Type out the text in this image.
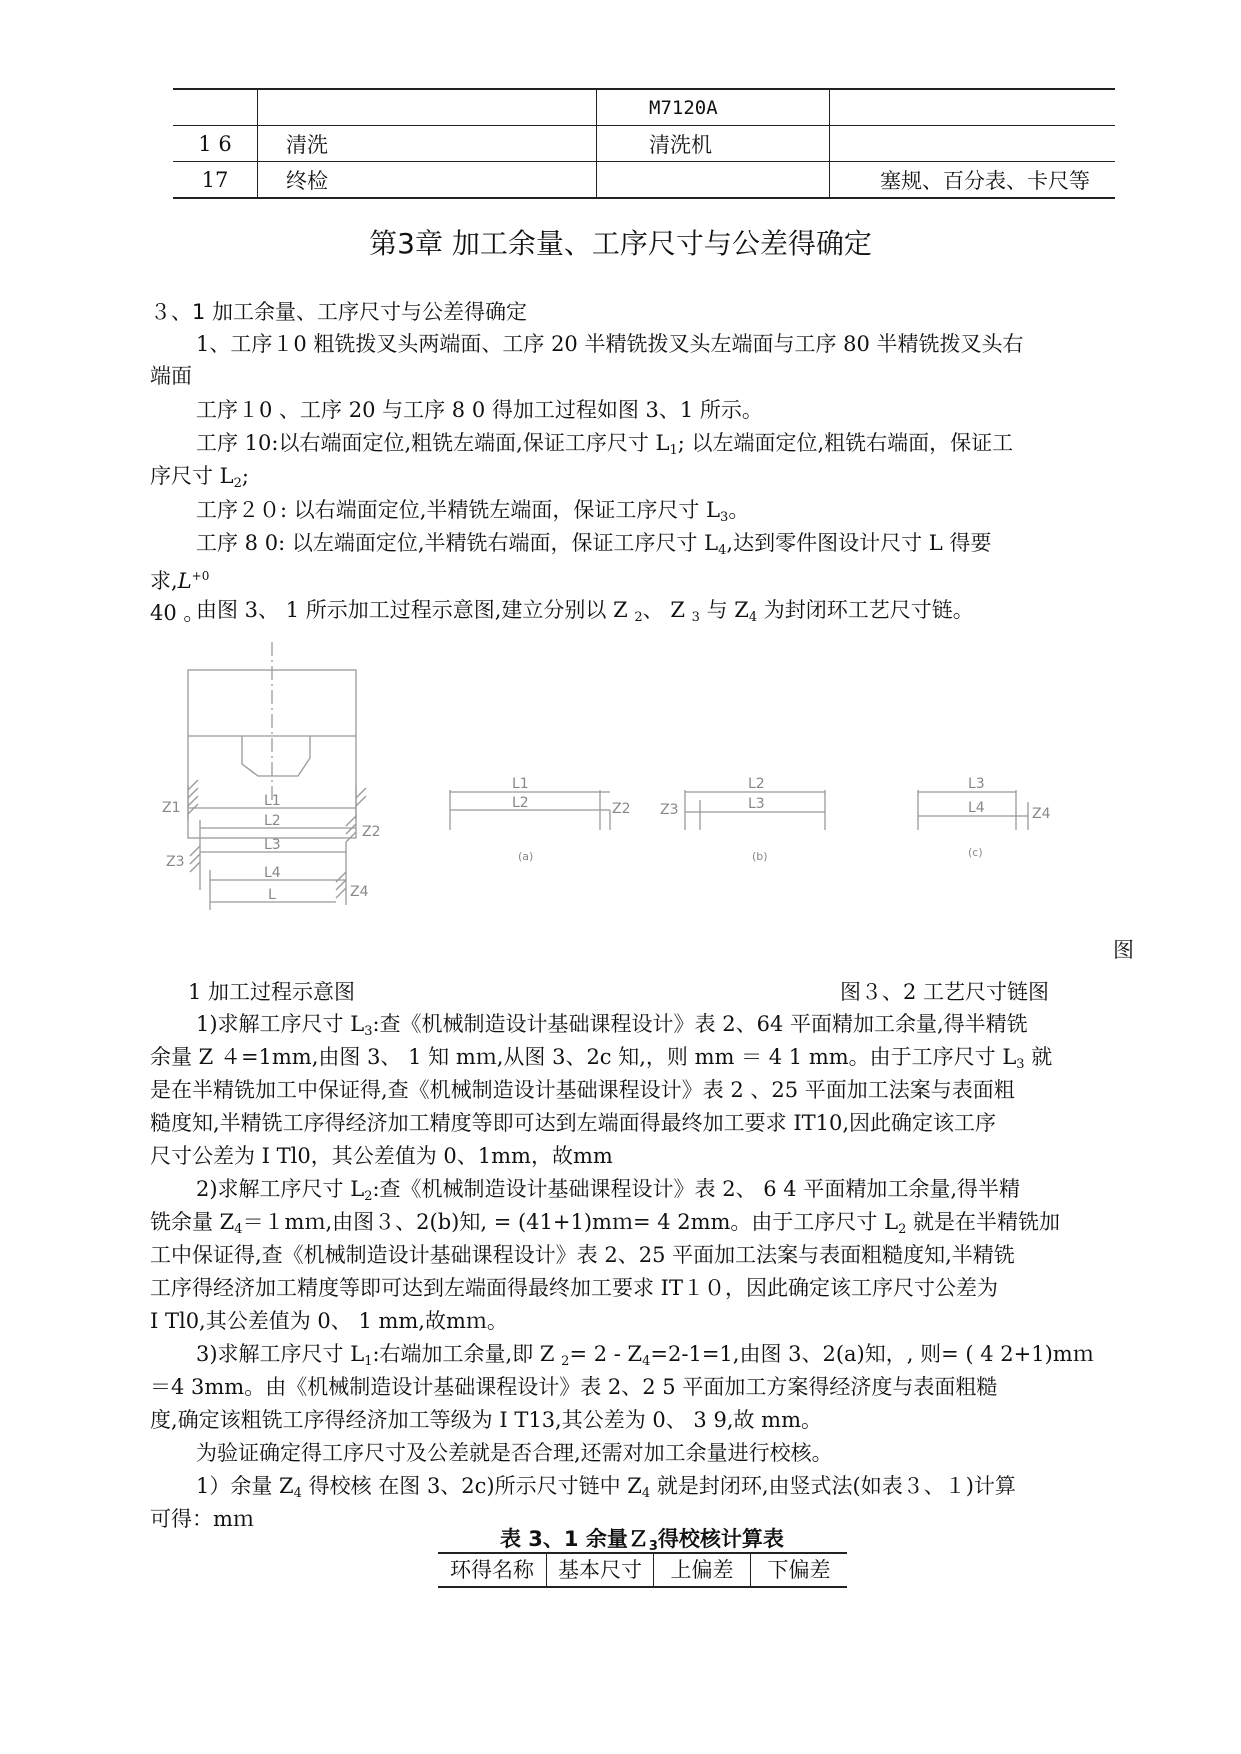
		M7120A	
1 6	清洗	清洗机	
17	终检		塞规、百分表、卡尺等
第3章 加工余量、工序尺寸与公差得确定
３、1 加工余量、工序尺寸与公差得确定
1、工序１0 粗铣拨叉头两端面、工序 20 半精铣拨叉头左端面与工序 80 半精铣拨叉头右
端面
工序１0 、工序 20 与工序 8 0 得加工过程如图 3、1 所示。
工序 10:以右端面定位,粗铣左端面,保证工序尺寸 $L_1$; 以左端面定位,粗铣右端面，保证工
序尺寸 $L_2$;
工序２０: 以右端面定位,半精铣左端面，保证工序尺寸 $L_3$。
工序 8 0: 以左端面定位,半精铣右端面，保证工序尺寸 $L_4$,达到零件图设计尺寸 L 得要
求$,L^{+0}$
40 。
由图 3、 1 所示加工过程示意图,建立分别以 Z $_2$、 Z $_3$ 与 $Z_4$ 为封闭环工艺尺寸链。
L1
L2
L3
L4
L
Z1
Z2
Z3
Z4
L1
L2	Z2
(a)
L2
L3
Z3
(b)
L3
L4	Z4
(c)
图
1 加工过程示意图	图３、2 工艺尺寸链图
1)求解工序尺寸 $L_3$:查《机械制造设计基础课程设计》表 2、64 平面精加工余量,得半精铣
余量 Z ４=1mm,由图 3、 1 知 mｍ,从图 3、2c 知,，则 mm ＝ 4 1 mm。由于工序尺寸 $L_3$ 就
是在半精铣加工中保证得,查《机械制造设计基础课程设计》表 2 、25 平面加工法案与表面粗
糙度知,半精铣工序得经济加工精度等即可达到左端面得最终加工要求 IT10,因此确定该工序
尺寸公差为 I Tl0，其公差值为 0、1mm，故mm
2)求解工序尺寸 $L_2$:查《机械制造设计基础课程设计》表 2、 6 4 平面精加工余量,得半精
铣余量 $Z_4=1mm$,由图３、2(b)知, = (41+1)mｍ= 4 2mm。由于工序尺寸 $L_2$ 就是在半精铣加
工中保证得,查《机械制造设计基础课程设计》表 2、25 平面加工法案与表面粗糙度知,半精铣
工序得经济加工精度等即可达到左端面得最终加工要求 IT１０，因此确定该工序尺寸公差为
I Tl0,其公差值为 0、 1 mm,故mｍ。
3)求解工序尺寸 $L_1$:右端加工余量,即 Z $_2= 2 - Z_4=2-1=1$,由图 3、2(a)知，, 则= ( 4 2+1)mｍ
＝4 3mm。由《机械制造设计基础课程设计》表 2、2 5 平面加工方案得经济度与表面粗糙
度,确定该粗铣工序得经济加工等级为 I T13,其公差为 0、 3 9,故 mm。
为验证确定得工序尺寸及公差就是否合理,还需对加工余量进行校核。
1）余量 $Z_4$ 得校核 在图 3、2c)所示尺寸链中 $Z_4$ 就是封闭环,由竖式法(如表３、１)计算
可得：mｍ
表 3、1 余量Ｚ$_3$得校核计算表
环得名称	基本尺寸	上偏差	下偏差
